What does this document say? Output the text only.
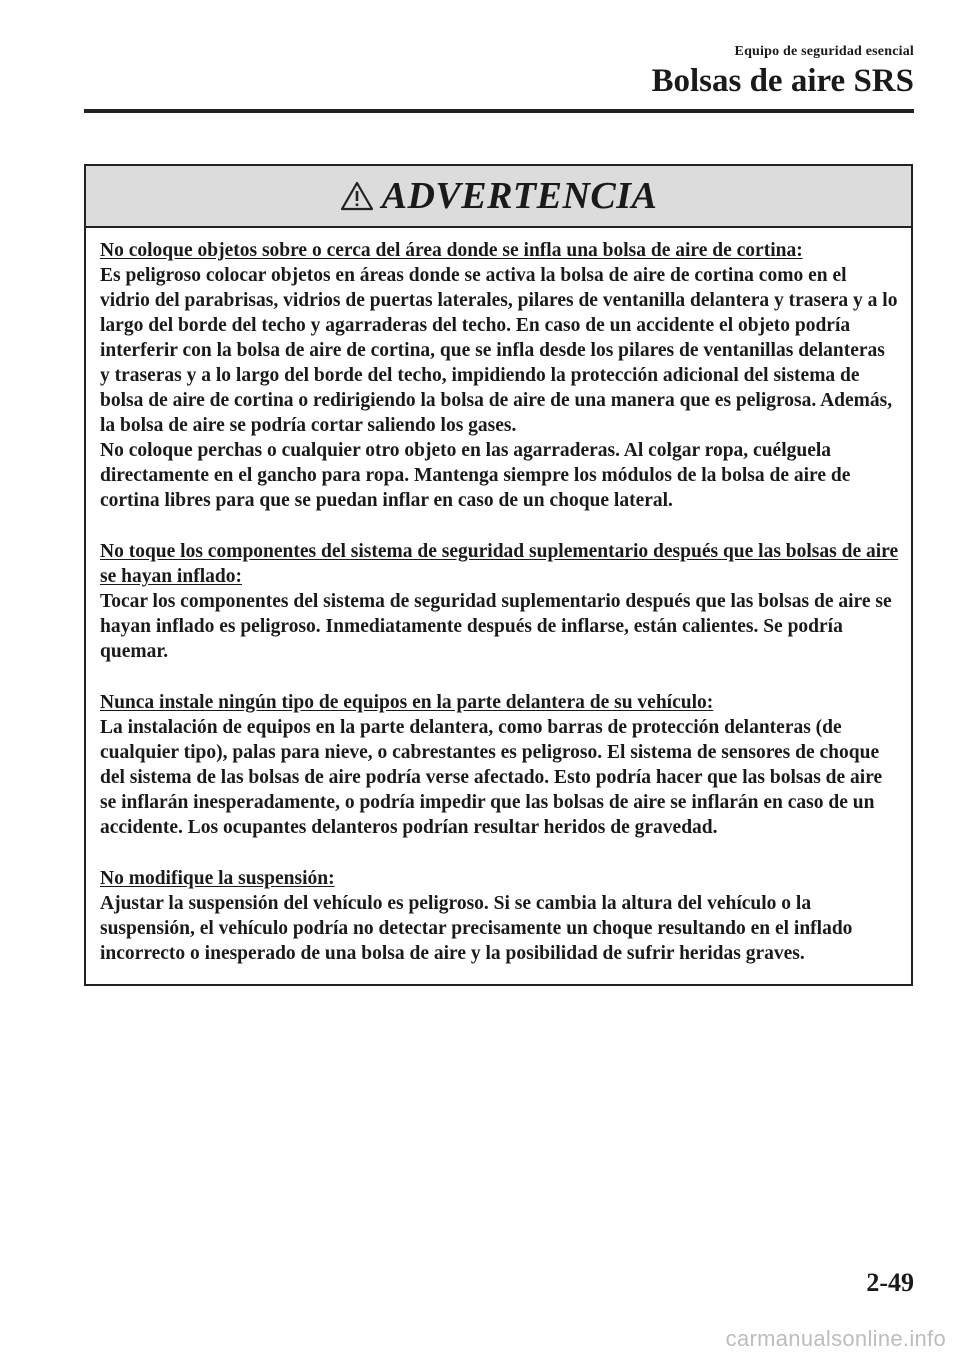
Equipo de seguridad esencial
Bolsas de aire SRS
ADVERTENCIA
No coloque objetos sobre o cerca del área donde se infla una bolsa de aire de cortina:
Es peligroso colocar objetos en áreas donde se activa la bolsa de aire de cortina como en el vidrio del parabrisas, vidrios de puertas laterales, pilares de ventanilla delantera y trasera y a lo largo del borde del techo y agarraderas del techo. En caso de un accidente el objeto podría interferir con la bolsa de aire de cortina, que se infla desde los pilares de ventanillas delanteras y traseras y a lo largo del borde del techo, impidiendo la protección adicional del sistema de bolsa de aire de cortina o redirigiendo la bolsa de aire de una manera que es peligrosa. Además, la bolsa de aire se podría cortar saliendo los gases.
No coloque perchas o cualquier otro objeto en las agarraderas. Al colgar ropa, cuélguela directamente en el gancho para ropa. Mantenga siempre los módulos de la bolsa de aire de cortina libres para que se puedan inflar en caso de un choque lateral.
No toque los componentes del sistema de seguridad suplementario después que las bolsas de aire se hayan inflado:
Tocar los componentes del sistema de seguridad suplementario después que las bolsas de aire se hayan inflado es peligroso. Inmediatamente después de inflarse, están calientes. Se podría quemar.
Nunca instale ningún tipo de equipos en la parte delantera de su vehículo:
La instalación de equipos en la parte delantera, como barras de protección delanteras (de cualquier tipo), palas para nieve, o cabrestantes es peligroso. El sistema de sensores de choque del sistema de las bolsas de aire podría verse afectado. Esto podría hacer que las bolsas de aire se inflarán inesperadamente, o podría impedir que las bolsas de aire se inflarán en caso de un accidente. Los ocupantes delanteros podrían resultar heridos de gravedad.
No modifique la suspensión:
Ajustar la suspensión del vehículo es peligroso. Si se cambia la altura del vehículo o la suspensión, el vehículo podría no detectar precisamente un choque resultando en el inflado incorrecto o inesperado de una bolsa de aire y la posibilidad de sufrir heridas graves.
2-49
carmanualsonline.info
